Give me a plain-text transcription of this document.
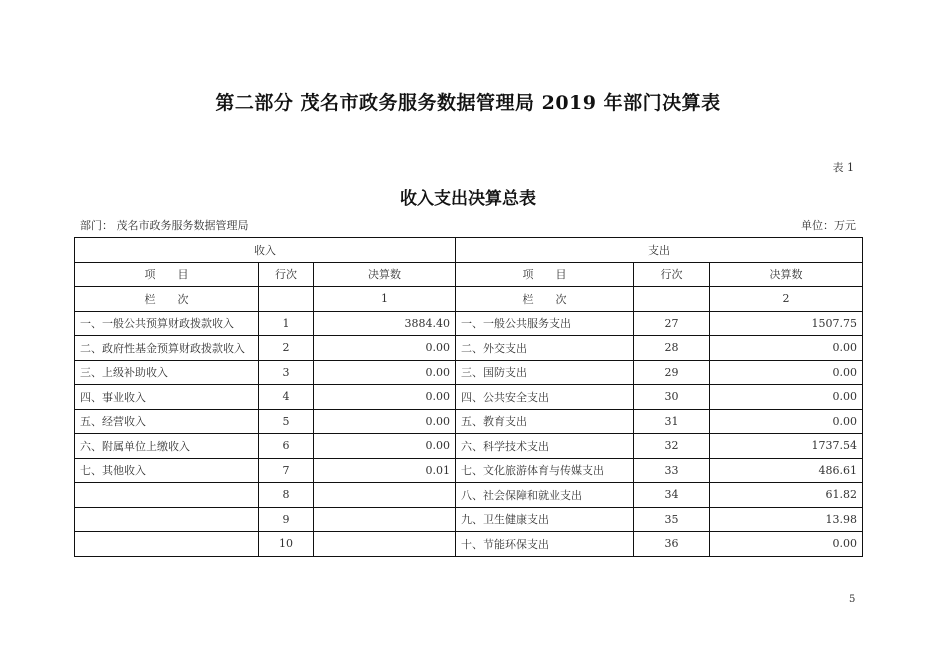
第二部分 茂名市政务服务数据管理局 2019 年部门决算表
表 1
收入支出决算总表
部门： 茂名市政务服务数据管理局	单位：万元
收入			支出		
项　　目	行次	决算数	项　　目	行次	决算数
栏　　次		1	栏　　次		2
一、一般公共预算财政拨款收入	1	3884.40	一、一般公共服务支出	27	1507.75
二、政府性基金预算财政拨款收入	2	0.00	二、外交支出	28	0.00
三、上级补助收入	3	0.00	三、国防支出	29	0.00
四、事业收入	4	0.00	四、公共安全支出	30	0.00
五、经营收入	5	0.00	五、教育支出	31	0.00
六、附属单位上缴收入	6	0.00	六、科学技术支出	32	1737.54
七、其他收入	7	0.01	七、文化旅游体育与传媒支出	33	486.61
	8		八、社会保障和就业支出	34	61.82
	9		九、卫生健康支出	35	13.98
	10		十、节能环保支出	36	0.00
5
